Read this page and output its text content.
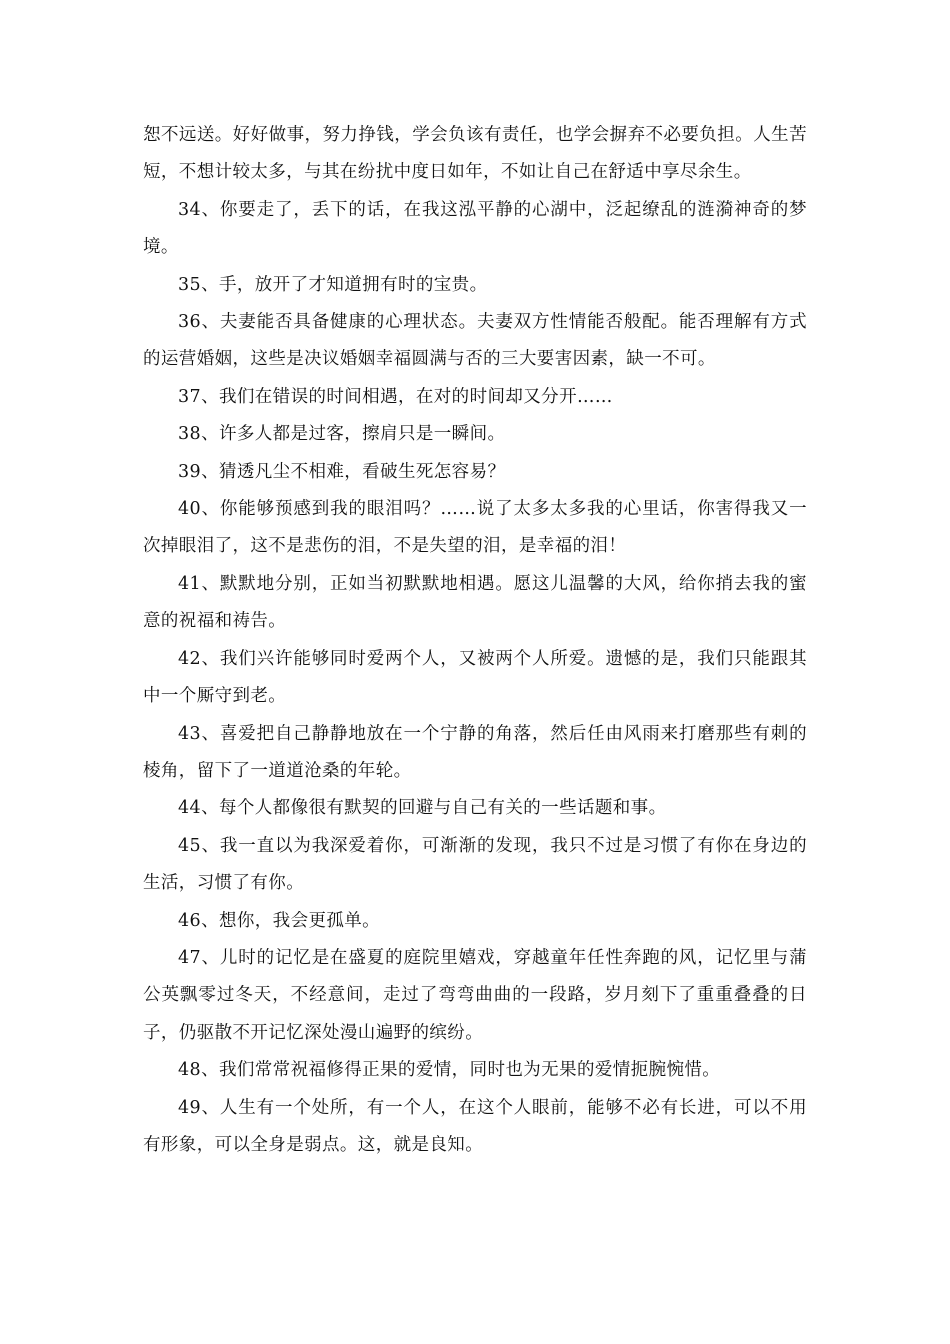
恕不远送。好好做事，努力挣钱，学会负该有责任，也学会摒弃不必要负担。人生苦短，不想计较太多，与其在纷扰中度日如年，不如让自己在舒适中享尽余生。

34、你要走了，丢下的话，在我这泓平静的心湖中，泛起缭乱的涟漪神奇的梦境。

35、手，放开了才知道拥有时的宝贵。

36、夫妻能否具备健康的心理状态。夫妻双方性情能否般配。能否理解有方式的运营婚姻，这些是决议婚姻幸福圆满与否的三大要害因素，缺一不可。

37、我们在错误的时间相遇，在对的时间却又分开……

38、许多人都是过客，擦肩只是一瞬间。

39、猜透凡尘不相难，看破生死怎容易？

40、你能够预感到我的眼泪吗？……说了太多太多我的心里话，你害得我又一次掉眼泪了，这不是悲伤的泪，不是失望的泪，是幸福的泪！

41、默默地分别，正如当初默默地相遇。愿这儿温馨的大风，给你捎去我的蜜意的祝福和祷告。

42、我们兴许能够同时爱两个人，又被两个人所爱。遗憾的是，我们只能跟其中一个厮守到老。

43、喜爱把自己静静地放在一个宁静的角落，然后任由风雨来打磨那些有刺的棱角，留下了一道道沧桑的年轮。

44、每个人都像很有默契的回避与自己有关的一些话题和事。

45、我一直以为我深爱着你，可渐渐的发现，我只不过是习惯了有你在身边的生活，习惯了有你。

46、想你，我会更孤单。

47、儿时的记忆是在盛夏的庭院里嬉戏，穿越童年任性奔跑的风，记忆里与蒲公英飘零过冬天，不经意间，走过了弯弯曲曲的一段路，岁月刻下了重重叠叠的日子，仍驱散不开记忆深处漫山遍野的缤纷。

48、我们常常祝福修得正果的爱情，同时也为无果的爱情扼腕惋惜。

49、人生有一个处所，有一个人，在这个人眼前，能够不必有长进，可以不用有形象，可以全身是弱点。这，就是良知。
